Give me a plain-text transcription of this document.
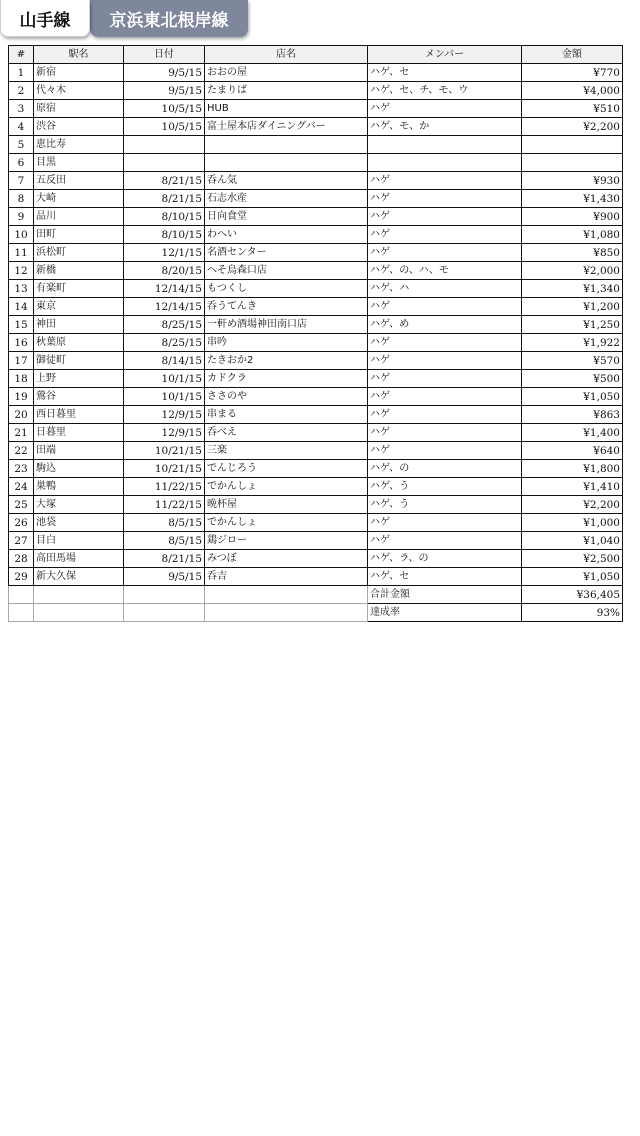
山手線	京浜東北根岸線
#	駅名	日付	店名	メンバー	金額
1	新宿	9/5/15	おおの屋	ハゲ、セ	¥770
2	代々木	9/5/15	たまりば	ハゲ、セ、チ、モ、ウ	¥4,000
3	原宿	10/5/15	HUB	ハゲ	¥510
4	渋谷	10/5/15	富士屋本店ダイニングバー	ハゲ、モ、か	¥2,200
5	恵比寿				
6	目黒				
7	五反田	8/21/15	呑ん気	ハゲ	¥930
8	大崎	8/21/15	石志水産	ハゲ	¥1,430
9	品川	8/10/15	日向食堂	ハゲ	¥900
10	田町	8/10/15	わへい	ハゲ	¥1,080
11	浜松町	12/1/15	名酒センター	ハゲ	¥850
12	新橋	8/20/15	へそ烏森口店	ハゲ、の、ハ、モ	¥2,000
13	有楽町	12/14/15	もつくし	ハゲ、ハ	¥1,340
14	東京	12/14/15	呑うてんき	ハゲ	¥1,200
15	神田	8/25/15	一軒め酒場神田南口店	ハゲ、め	¥1,250
16	秋葉原	8/25/15	串吟	ハゲ	¥1,922
17	御徒町	8/14/15	たきおか2	ハゲ	¥570
18	上野	10/1/15	カドクラ	ハゲ	¥500
19	鶯谷	10/1/15	ささのや	ハゲ	¥1,050
20	西日暮里	12/9/15	串まる	ハゲ	¥863
21	日暮里	12/9/15	呑べえ	ハゲ	¥1,400
22	田端	10/21/15	三楽	ハゲ	¥640
23	駒込	10/21/15	でんじろう	ハゲ、の	¥1,800
24	巣鴨	11/22/15	でかんしょ	ハゲ、う	¥1,410
25	大塚	11/22/15	晩杯屋	ハゲ、う	¥2,200
26	池袋	8/5/15	でかんしょ	ハゲ	¥1,000
27	目白	8/5/15	鶏ジロー	ハゲ	¥1,040
28	高田馬場	8/21/15	みつぼ	ハゲ、ラ、の	¥2,500
29	新大久保	9/5/15	呑吉	ハゲ、セ	¥1,050
				合計金額	¥36,405
				達成率	93%
